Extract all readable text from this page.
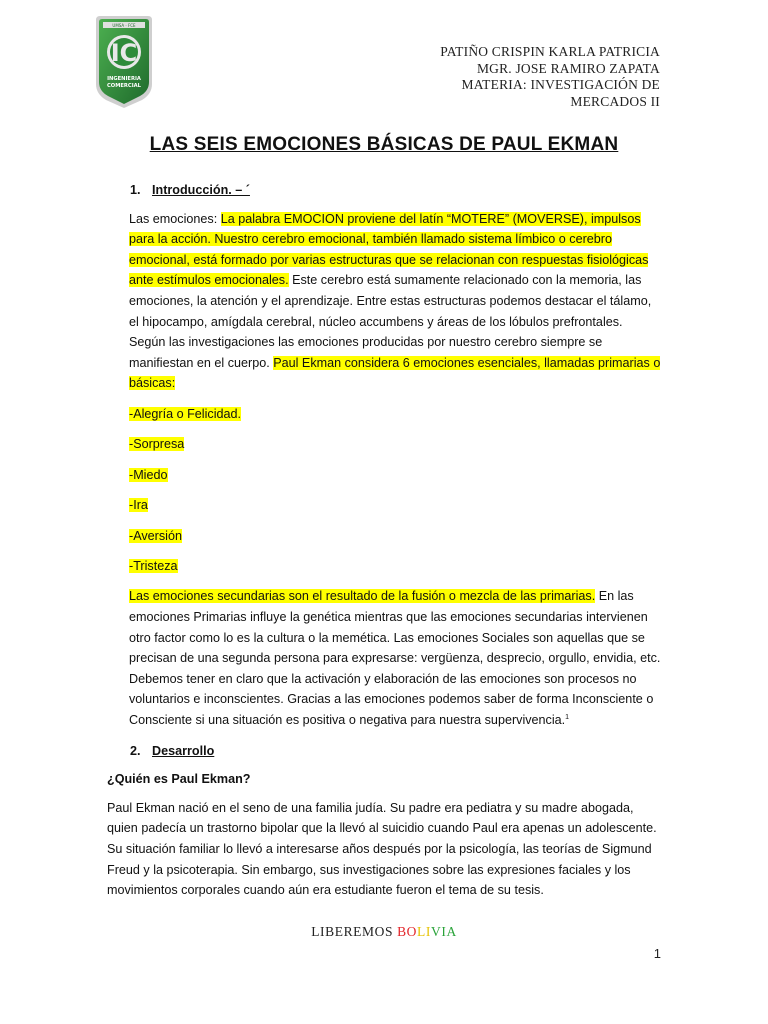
UMSA · FCE
IC
INGENIERIA
COMERCIAL
PATIÑO CRISPIN KARLA PATRICIA
MGR. JOSE RAMIRO ZAPATA
MATERIA: INVESTIGACIÓN DE
MERCADOS II
LAS SEIS EMOCIONES BÁSICAS DE PAUL EKMAN
1. Introducción. – ´

Las emociones: La palabra EMOCION proviene del latín “MOTERE” (MOVERSE), impulsos para la acción. Nuestro cerebro emocional, también llamado sistema límbico o cerebro emocional, está formado por varias estructuras que se relacionan con respuestas fisiológicas ante estímulos emocionales. Este cerebro está sumamente relacionado con la memoria, las emociones, la atención y el aprendizaje. Entre estas estructuras podemos destacar el tálamo, el hipocampo, amígdala cerebral, núcleo accumbens y áreas de los lóbulos prefrontales. Según las investigaciones las emociones producidas por nuestro cerebro siempre se manifiestan en el cuerpo. Paul Ekman considera 6 emociones esenciales, llamadas primarias o básicas:

-Alegría o Felicidad.

-Sorpresa

-Miedo

-Ira

-Aversión

-Tristeza

Las emociones secundarias son el resultado de la fusión o mezcla de las primarias. En las emociones Primarias influye la genética mientras que las emociones secundarias intervienen otro factor como lo es la cultura o la memética. Las emociones Sociales son aquellas que se precisan de una segunda persona para expresarse: vergüenza, desprecio, orgullo, envidia, etc. Debemos tener en claro que la activación y elaboración de las emociones son procesos no voluntarios e inconscientes. Gracias a las emociones podemos saber de forma Inconsciente o Consciente si una situación es positiva o negativa para nuestra supervivencia.$^1$

2. Desarrollo

¿Quién es Paul Ekman?

Paul Ekman nació en el seno de una familia judía. Su padre era pediatra y su madre abogada, quien padecía un trastorno bipolar que la llevó al suicidio cuando Paul era apenas un adolescente. Su situación familiar lo llevó a interesarse años después por la psicología, las teorías de Sigmund Freud y la psicoterapia. Sin embargo, sus investigaciones sobre las expresiones faciales y los movimientos corporales cuando aún era estudiante fueron el tema de su tesis.

LIBEREMOS BOLIVIA
1
